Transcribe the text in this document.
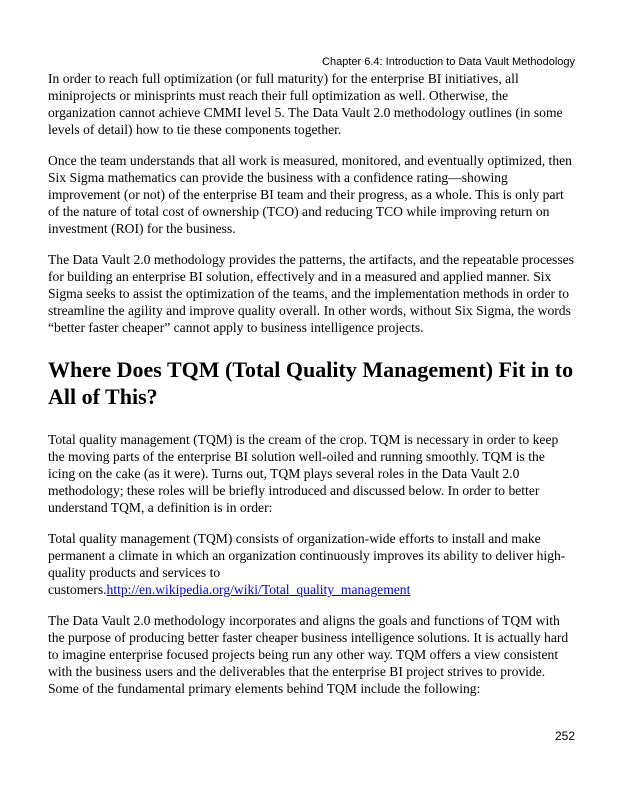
Chapter 6.4: Introduction to Data Vault Methodology

In order to reach full optimization (or full maturity) for the enterprise BI initiatives, all miniprojects or minisprints must reach their full optimization as well. Otherwise, the organization cannot achieve CMMI level 5. The Data Vault 2.0 methodology outlines (in some levels of detail) how to tie these components together.

Once the team understands that all work is measured, monitored, and eventually optimized, then Six Sigma mathematics can provide the business with a confidence rating—showing improvement (or not) of the enterprise BI team and their progress, as a whole. This is only part of the nature of total cost of ownership (TCO) and reducing TCO while improving return on investment (ROI) for the business.

The Data Vault 2.0 methodology provides the patterns, the artifacts, and the repeatable processes for building an enterprise BI solution, effectively and in a measured and applied manner. Six Sigma seeks to assist the optimization of the teams, and the implementation methods in order to streamline the agility and improve quality overall. In other words, without Six Sigma, the words “better faster cheaper” cannot apply to business intelligence projects.

Where Does TQM (Total Quality Management) Fit in to All of This?

Total quality management (TQM) is the cream of the crop. TQM is necessary in order to keep the moving parts of the enterprise BI solution well-oiled and running smoothly. TQM is the icing on the cake (as it were). Turns out, TQM plays several roles in the Data Vault 2.0 methodology; these roles will be briefly introduced and discussed below. In order to better understand TQM, a definition is in order:

Total quality management (TQM) consists of organization-wide efforts to install and make permanent a climate in which an organization continuously improves its ability to deliver high-quality products and services to customers.http://en.wikipedia.org/wiki/Total_quality_management

The Data Vault 2.0 methodology incorporates and aligns the goals and functions of TQM with the purpose of producing better faster cheaper business intelligence solutions. It is actually hard to imagine enterprise focused projects being run any other way. TQM offers a view consistent with the business users and the deliverables that the enterprise BI project strives to provide. Some of the fundamental primary elements behind TQM include the following:

252
